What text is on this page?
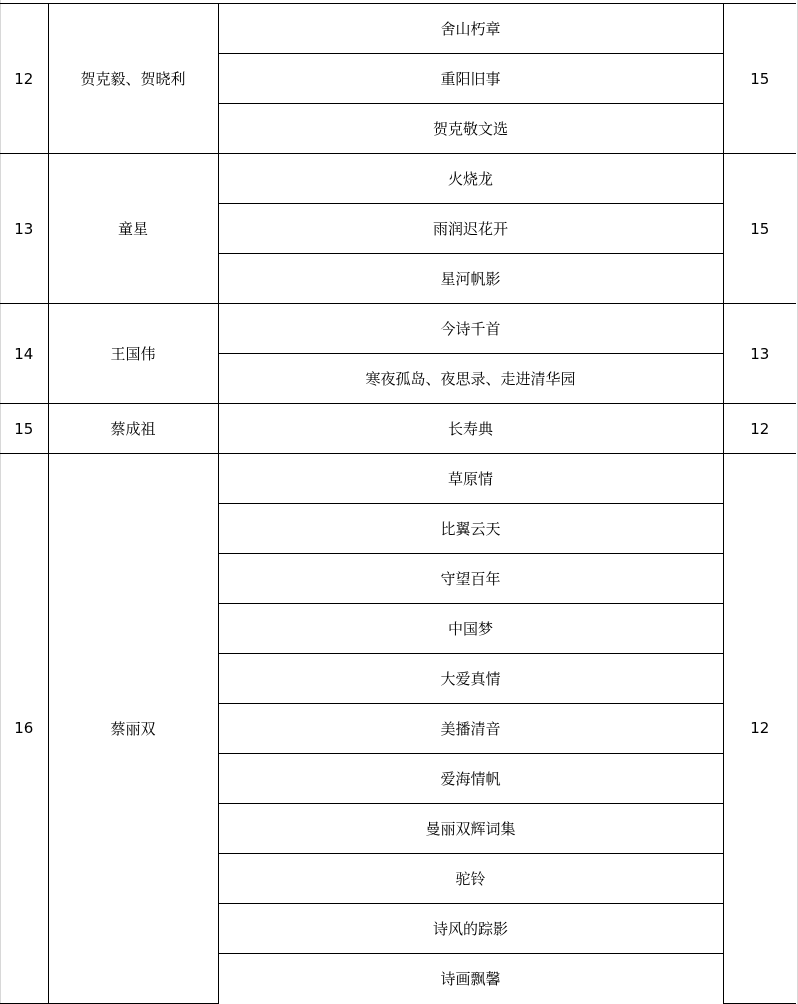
12	贺克毅、贺晓利	舍山朽章	15
		重阳旧事	
		贺克敬文选	
13	童星	火烧龙	15
		雨润迟花开	
		星河帆影	
14	王国伟	今诗千首	13
		寒夜孤岛、夜思录、走进清华园	
15	蔡成祖	长寿典	12
16	蔡丽双	草原情	12
		比翼云天	
		守望百年	
		中国梦	
		大爱真情	
		美播清音	
		爱海情帆	
		曼丽双辉词集	
		驼铃	
		诗风的踪影	
		诗画飘馨	
